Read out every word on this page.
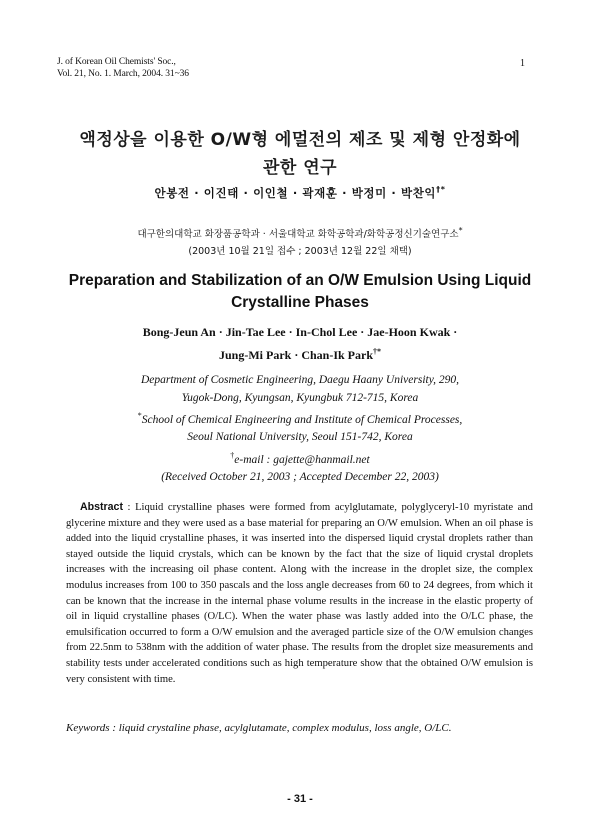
J. of Korean Oil Chemists' Soc.,
Vol. 21, No. 1. March, 2004. 31~36
1
액정상을 이용한 O/W형 에멀전의 제조 및 제형 안정화에
관한 연구
안봉전 · 이진태 · 이인철 · 곽재훈 · 박정미 · 박찬익†*
대구한의대학교 화장품공학과 · 서울대학교 화학공학과/화학공정신기술연구소*
(2003년 10월 21일 접수 ; 2003년 12월 22일 채택)
Preparation and Stabilization of an O/W Emulsion Using Liquid
Crystalline Phases
Bong-Jeun An · Jin-Tae Lee · In-Chol Lee · Jae-Hoon Kwak ·
Jung-Mi Park · Chan-Ik Park†*
Department of Cosmetic Engineering, Daegu Haany University, 290,
Yugok-Dong, Kyungsan, Kyungbuk 712-715, Korea
*School of Chemical Engineering and Institute of Chemical Processes,
Seoul National University, Seoul 151-742, Korea
†e-mail : gajette@hanmail.net
(Received October 21, 2003 ; Accepted December 22, 2003)
Abstract : Liquid crystalline phases were formed from acylglutamate, polyglyceryl-10 myristate and glycerine mixture and they were used as a base material for preparing an O/W emulsion. When an oil phase is added into the liquid crystalline phases, it was inserted into the dispersed liquid crystal droplets rather than stayed outside the liquid crystals, which can be known by the fact that the size of liquid crystal droplets increases with the increasing oil phase content. Along with the increase in the droplet size, the complex modulus increases from 100 to 350 pascals and the loss angle decreases from 60 to 24 degrees, from which it can be known that the increase in the internal phase volume results in the increase in the elastic property of oil in liquid crystalline phases (O/LC). When the water phase was lastly added into the O/LC phase, the emulsification occurred to form a O/W emulsion and the averaged particle size of the O/W emulsion changes from 22.5nm to 538nm with the addition of water phase. The results from the droplet size measurements and stability tests under accelerated conditions such as high temperature show that the obtained O/W emulsion is very consistent with time.
Keywords : liquid crystaline phase, acylglutamate, complex modulus, loss angle, O/LC.
- 31 -
